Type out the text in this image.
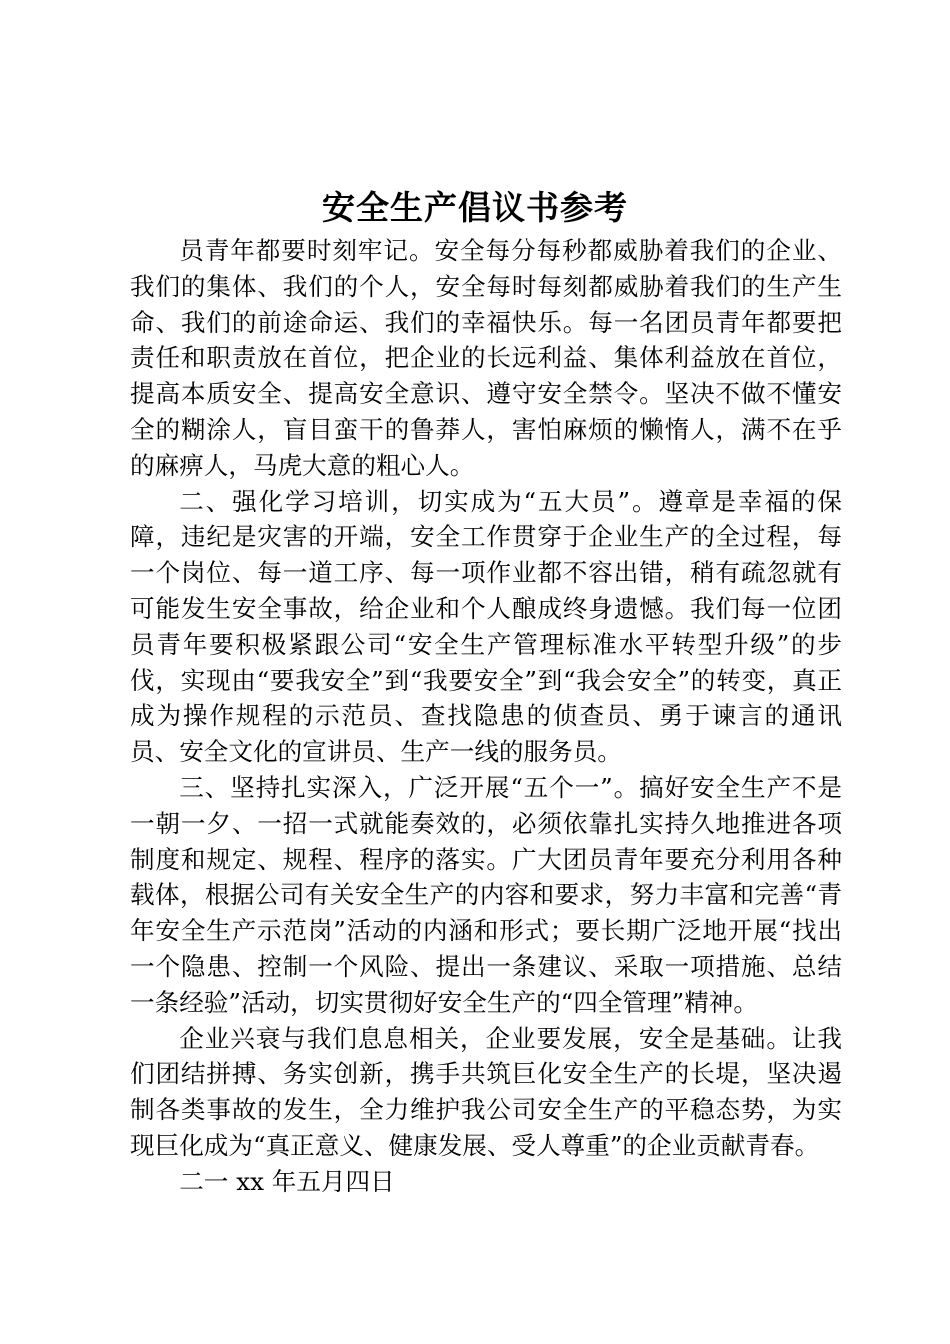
安全生产倡议书参考

员青年都要时刻牢记。安全每分每秒都威胁着我们的企业、我们的集体、我们的个人，安全每时每刻都威胁着我们的生产生命、我们的前途命运、我们的幸福快乐。每一名团员青年都要把责任和职责放在首位，把企业的长远利益、集体利益放在首位，提高本质安全、提高安全意识、遵守安全禁令。坚决不做不懂安全的糊涂人，盲目蛮干的鲁莽人，害怕麻烦的懒惰人，满不在乎的麻痹人，马虎大意的粗心人。

二、强化学习培训，切实成为“五大员”。遵章是幸福的保障，违纪是灾害的开端，安全工作贯穿于企业生产的全过程，每一个岗位、每一道工序、每一项作业都不容出错，稍有疏忽就有可能发生安全事故，给企业和个人酿成终身遗憾。我们每一位团员青年要积极紧跟公司“安全生产管理标准水平转型升级”的步伐，实现由“要我安全”到“我要安全”到“我会安全”的转变，真正成为操作规程的示范员、查找隐患的侦查员、勇于谏言的通讯员、安全文化的宣讲员、生产一线的服务员。

三、坚持扎实深入，广泛开展“五个一”。搞好安全生产不是一朝一夕、一招一式就能奏效的，必须依靠扎实持久地推进各项制度和规定、规程、程序的落实。广大团员青年要充分利用各种载体，根据公司有关安全生产的内容和要求，努力丰富和完善“青年安全生产示范岗”活动的内涵和形式；要长期广泛地开展“找出一个隐患、控制一个风险、提出一条建议、采取一项措施、总结一条经验”活动，切实贯彻好安全生产的“四全管理”精神。

企业兴衰与我们息息相关，企业要发展，安全是基础。让我们团结拼搏、务实创新，携手共筑巨化安全生产的长堤，坚决遏制各类事故的发生，全力维护我公司安全生产的平稳态势，为实现巨化成为“真正意义、健康发展、受人尊重”的企业贡献青春。

二一 xx 年五月四日
